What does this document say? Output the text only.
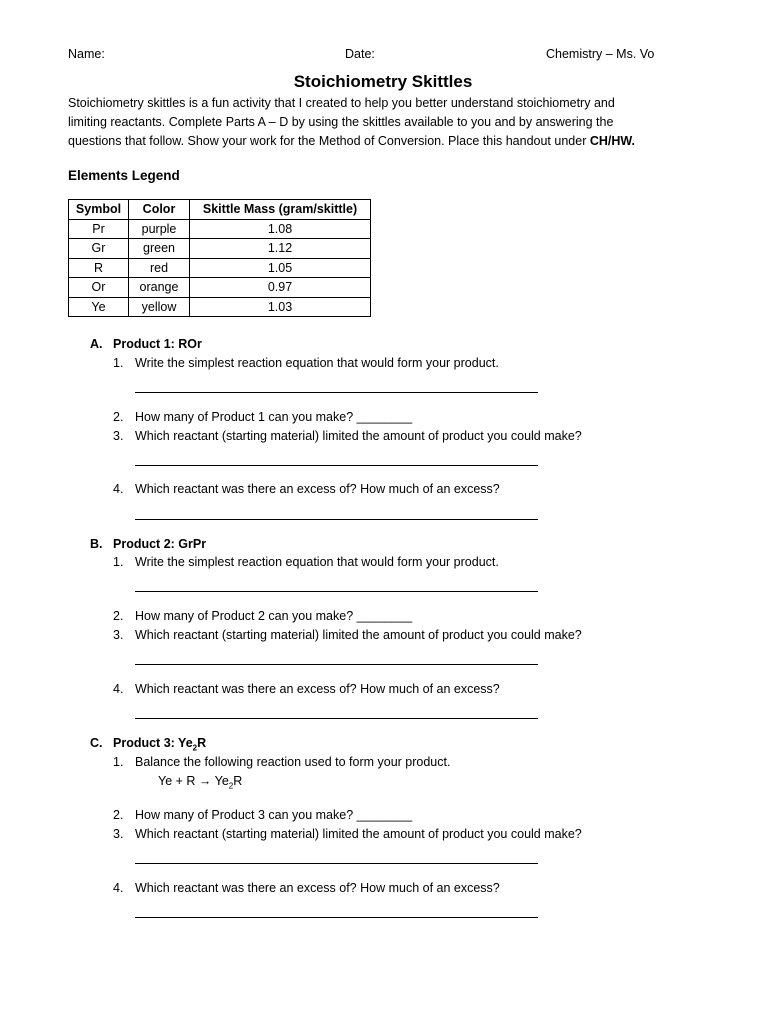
Name:	Date:	Chemistry – Ms. Vo
Stoichiometry Skittles
Stoichiometry skittles is a fun activity that I created to help you better understand stoichiometry and
limiting reactants. Complete Parts A – D by using the skittles available to you and by answering the
questions that follow. Show your work for the Method of Conversion. Place this handout under CH/HW.
Elements Legend
Symbol	Color	Skittle Mass (gram/skittle)
Pr	purple	1.08
Gr	green	1.12
R	red	1.05
Or	orange	0.97
Ye	yellow	1.03
A. Product 1: ROr
1. Write the simplest reaction equation that would form your product.
2. How many of Product 1 can you make? ________
3. Which reactant (starting material) limited the amount of product you could make?
4. Which reactant was there an excess of? How much of an excess?
B. Product 2: GrPr
1. Write the simplest reaction equation that would form your product.
2. How many of Product 2 can you make? ________
3. Which reactant (starting material) limited the amount of product you could make?
4. Which reactant was there an excess of? How much of an excess?
C. Product 3: $Ye_2R$
1. Balance the following reaction used to form your product.
$Ye + R \to Ye_2R$
2. How many of Product 3 can you make? ________
3. Which reactant (starting material) limited the amount of product you could make?
4. Which reactant was there an excess of? How much of an excess?
